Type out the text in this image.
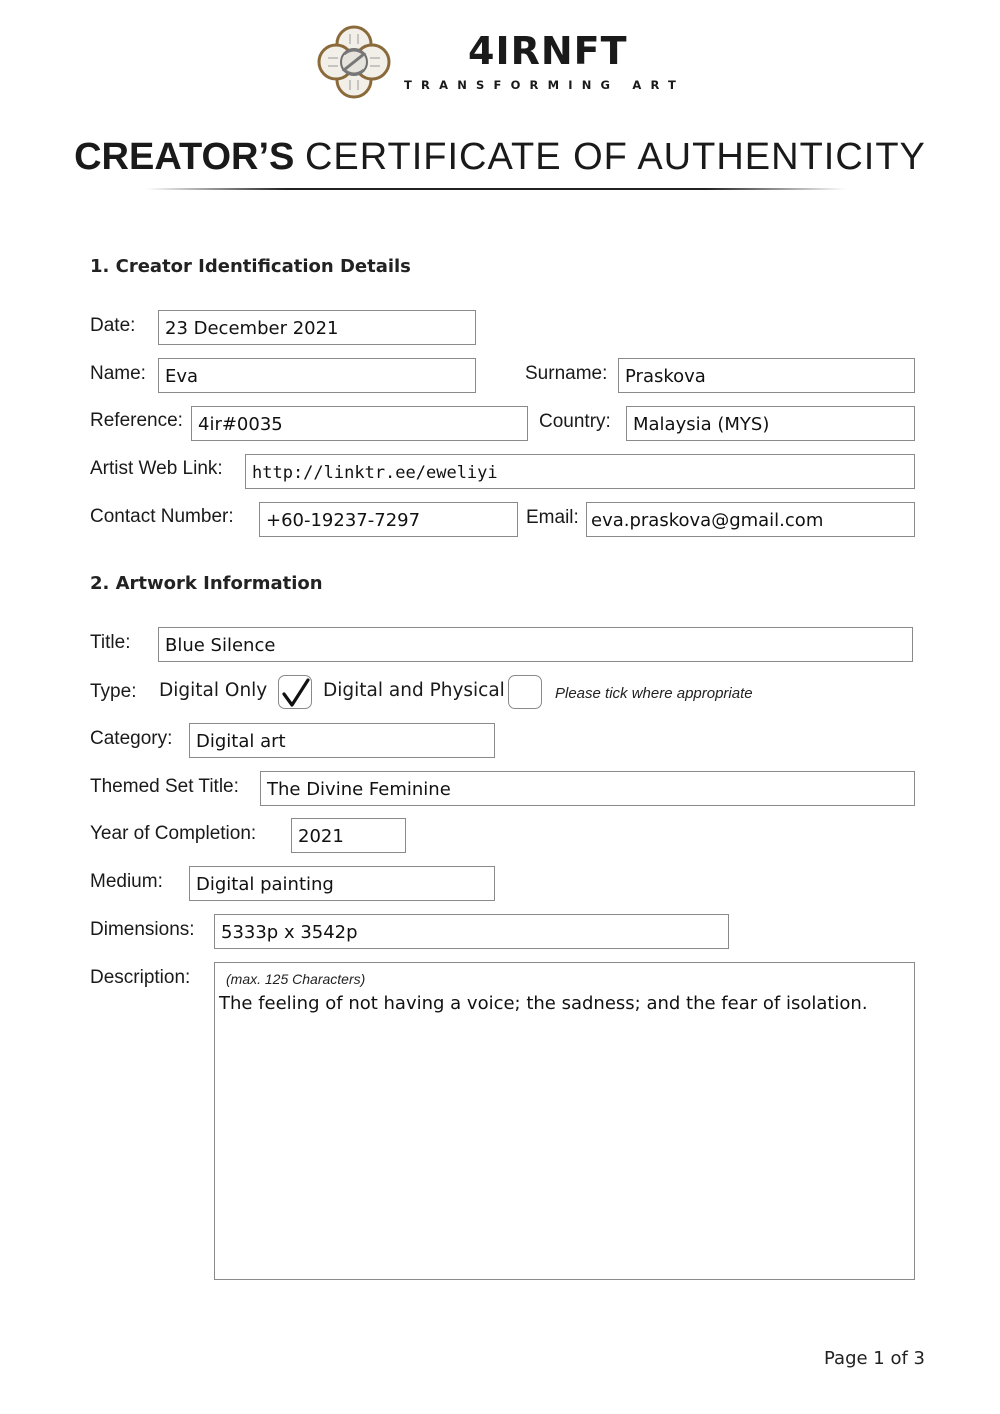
4IRNFT
TRANSFORMING ART
CREATOR’S CERTIFICATE OF AUTHENTICITY
1. Creator Identification Details
Date: 23 December 2021
Name: Eva	Surname: Praskova
Reference: 4ir#0035	Country: Malaysia (MYS)
Artist Web Link: http://linktr.ee/eweliyi
Contact Number: +60-19237-7297	Email: eva.praskova@gmail.com
2. Artwork Information
Title: Blue Silence
Type: Digital Only	Digital and Physical	Please tick where appropriate
Category: Digital art
Themed Set Title: The Divine Feminine
Year of Completion: 2021
Medium: Digital painting
Dimensions: 5333p x 3542p
Description:	(max. 125 Characters)
The feeling of not having a voice; the sadness; and the fear of isolation.
Page 1 of 3
